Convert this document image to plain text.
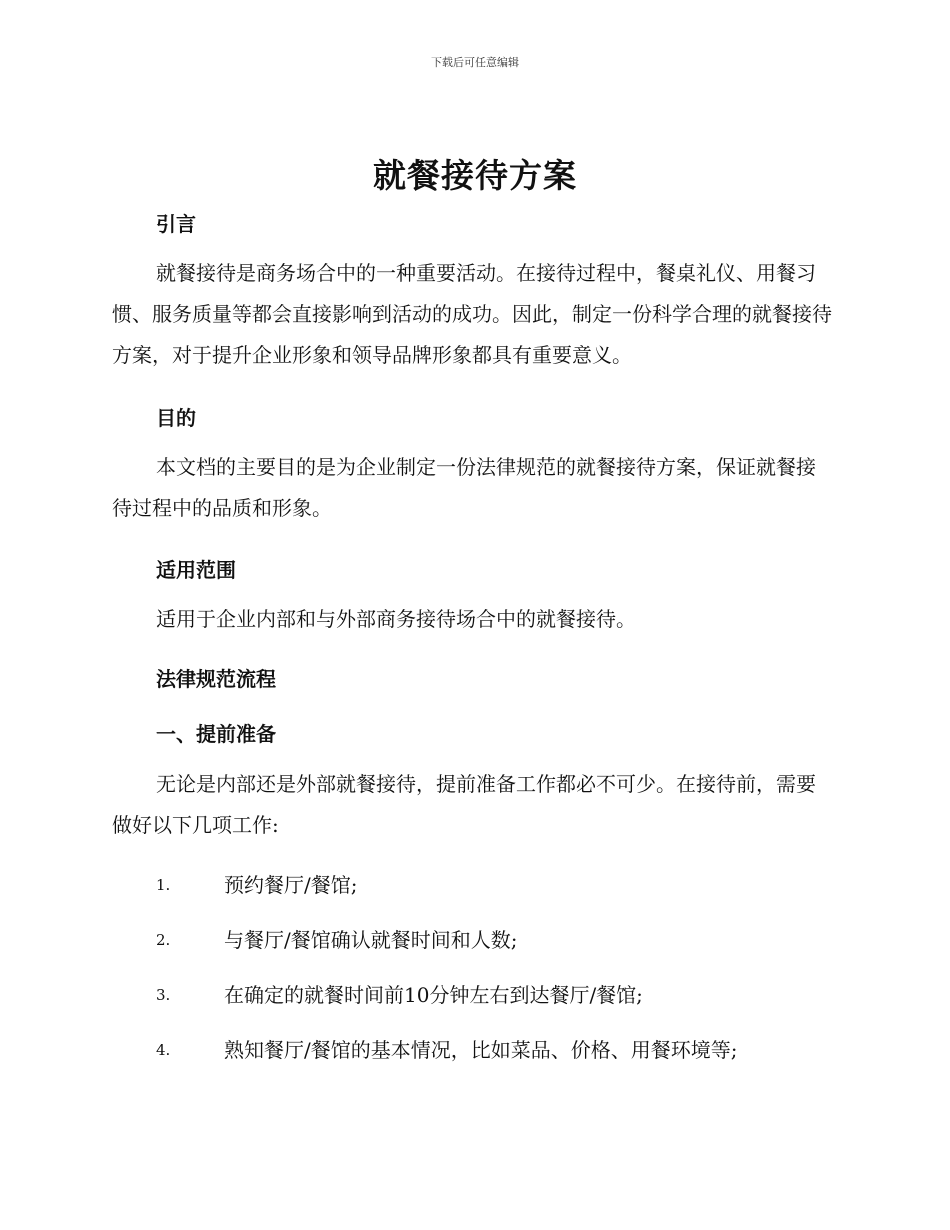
下载后可任意编辑
就餐接待方案
引言

就餐接待是商务场合中的一种重要活动。在接待过程中，餐桌礼仪、用餐习惯、服务质量等都会直接影响到活动的成功。因此，制定一份科学合理的就餐接待方案，对于提升企业形象和领导品牌形象都具有重要意义。

目的

本文档的主要目的是为企业制定一份法律规范的就餐接待方案，保证就餐接待过程中的品质和形象。

适用范围

适用于企业内部和与外部商务接待场合中的就餐接待。

法律规范流程
一、提前准备

无论是内部还是外部就餐接待，提前准备工作都必不可少。在接待前，需要做好以下几项工作:

1.	预约餐厅/餐馆;
2.	与餐厅/餐馆确认就餐时间和人数;
3.	在确定的就餐时间前10分钟左右到达餐厅/餐馆;
4.	熟知餐厅/餐馆的基本情况，比如菜品、价格、用餐环境等;
